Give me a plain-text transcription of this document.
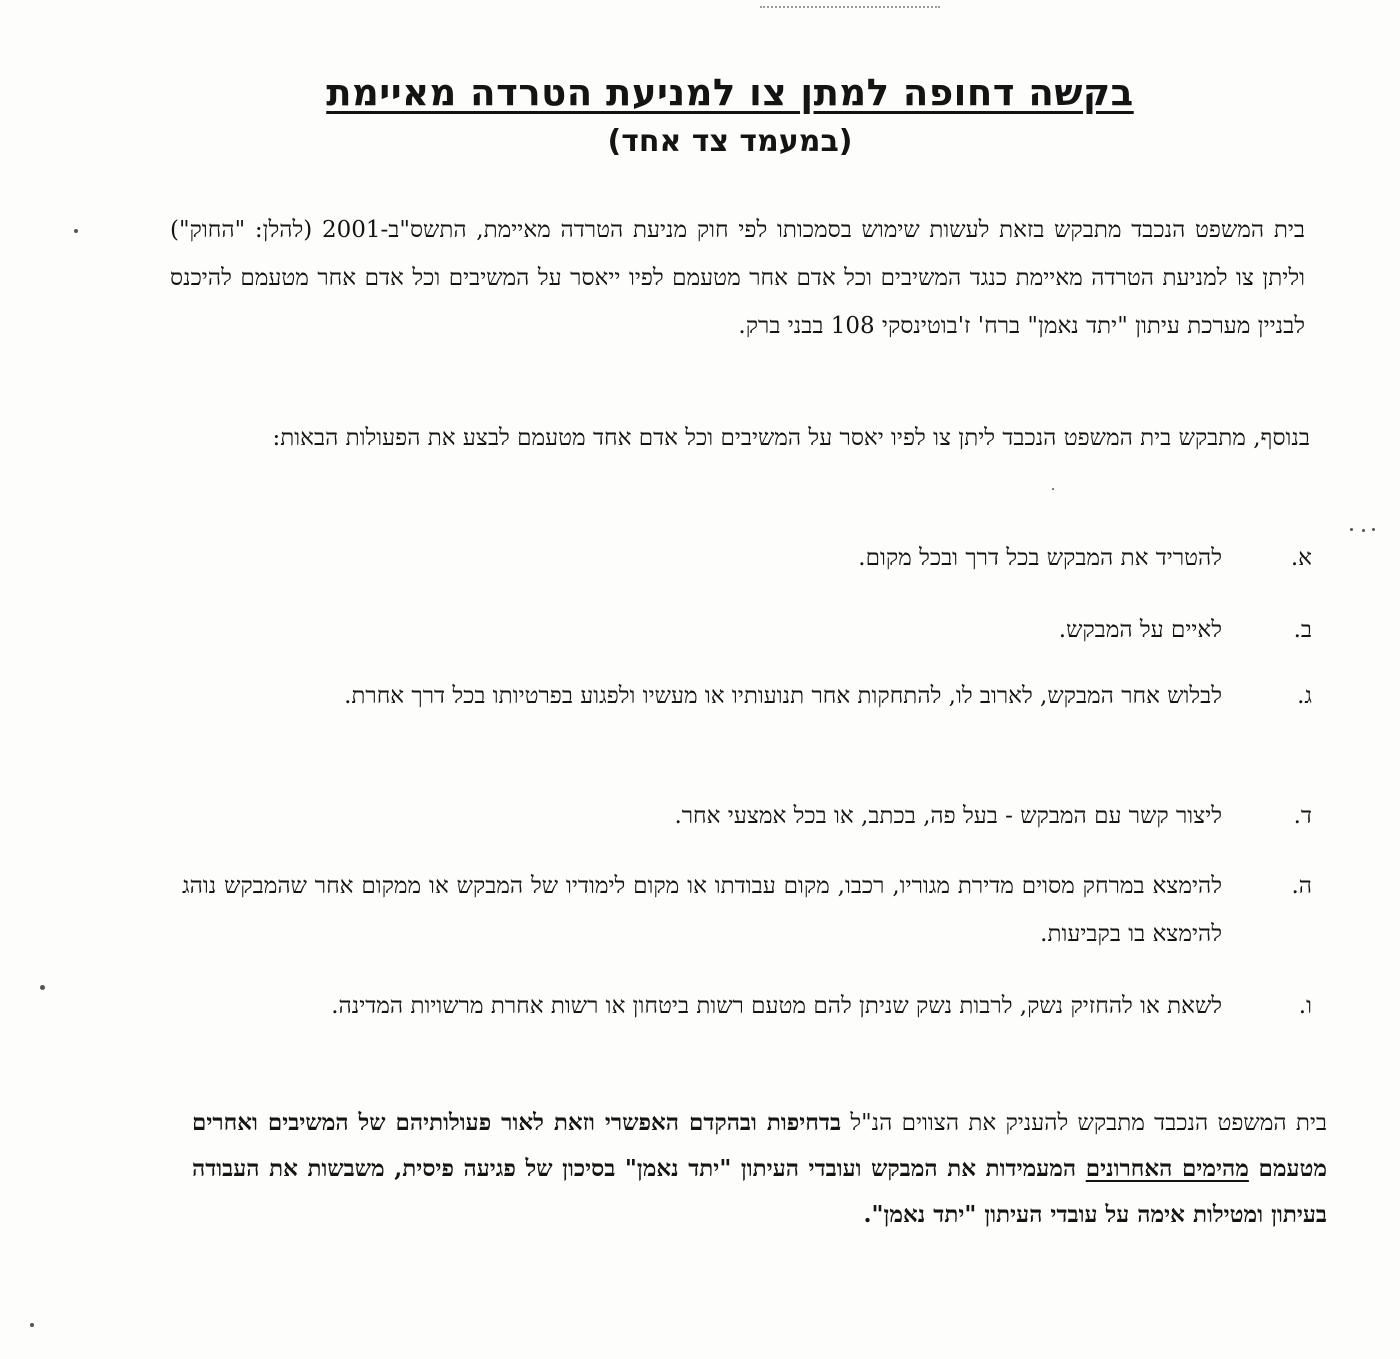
בקשה דחופה למתן צו למניעת הטרדה מאיימת
(במעמד צד אחד)
בית המשפט הנכבד מתבקש בזאת לעשות שימוש בסמכותו לפי חוק מניעת הטרדה מאיימת, התשס"ב-2001 (להלן: "החוק") וליתן צו למניעת הטרדה מאיימת כנגד המשיבים וכל אדם אחר מטעמם לפיו ייאסר על המשיבים וכל אדם אחר מטעמם להיכנס לבניין מערכת עיתון "יתד נאמן" ברח' ז'בוטינסקי 108 בבני ברק.
בנוסף, מתבקש בית המשפט הנכבד ליתן צו לפיו יאסר על המשיבים וכל אדם אחד מטעמם לבצע את הפעולות הבאות:
א.
להטריד את המבקש בכל דרך ובכל מקום.
ב.
לאיים על המבקש.
ג.
לבלוש אחר המבקש, לארוב לו, להתחקות אחר תנועותיו או מעשיו ולפגוע בפרטיותו בכל דרך אחרת.
ד.
ליצור קשר עם המבקש - בעל פה, בכתב, או בכל אמצעי אחר.
ה.
להימצא במרחק מסוים מדירת מגוריו, רכבו, מקום עבודתו או מקום לימודיו של המבקש או ממקום אחר שהמבקש נוהג להימצא בו בקביעות.
ו.
לשאת או להחזיק נשק, לרבות נשק שניתן להם מטעם רשות ביטחון או רשות אחרת מרשויות המדינה.
בית המשפט הנכבד מתבקש להעניק את הצווים הנ"ל בדחיפות ובהקדם האפשרי וזאת לאור פעולותיהם של המשיבים ואחרים מטעמם מהימים האחרונים המעמידות את המבקש ועובדי העיתון "יתד נאמן" בסיכון של פגיעה פיסית, משבשות את העבודה בעיתון ומטילות אימה על עובדי העיתון "יתד נאמן".
